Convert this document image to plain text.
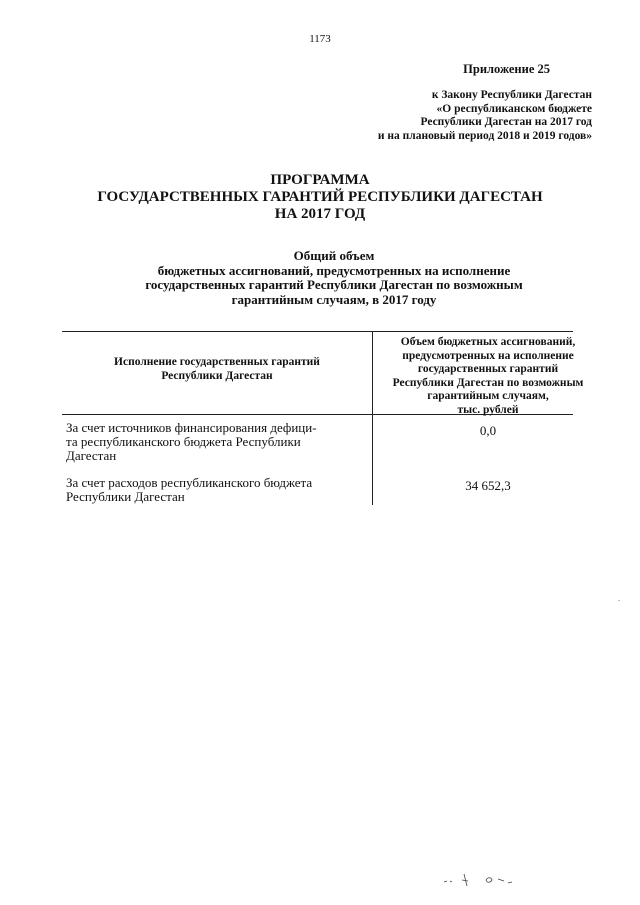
1173
Приложение 25
к Закону Республики Дагестан
«О республиканском бюджете
Республики Дагестан на 2017 год
и на плановый период 2018 и 2019 годов»
ПРОГРАММА
ГОСУДАРСТВЕННЫХ ГАРАНТИЙ РЕСПУБЛИКИ ДАГЕСТАН
НА 2017 ГОД
Общий объем
бюджетных ассигнований, предусмотренных на исполнение
государственных гарантий Республики Дагестан по возможным
гарантийным случаям, в 2017 году
Исполнение государственных гарантий
Республики Дагестан
Объем бюджетных ассигнований,
предусмотренных на исполнение
государственных гарантий
Республики Дагестан по возможным
гарантийным случаям,
тыс. рублей
За счет источников финансирования дефици-
та республиканского бюджета Республики
Дагестан
0,0
За счет расходов республиканского бюджета
Республики Дагестан
34 652,3
.
